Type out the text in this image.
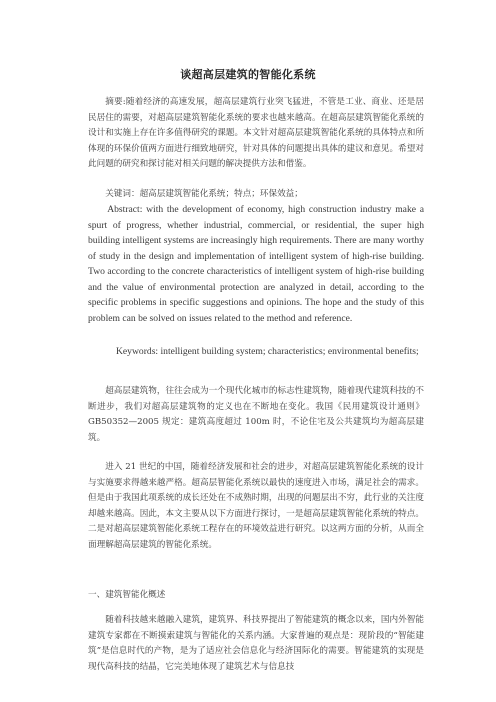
谈超高层建筑的智能化系统

摘要:随着经济的高速发展，超高层建筑行业突飞猛进，不管是工业、商业、还是居民居住的需要，对超高层建筑智能化系统的要求也越来越高。在超高层建筑智能化系统的设计和实施上存在许多值得研究的课题。本文针对超高层建筑智能化系统的具体特点和所体现的环保价值两方面进行细致地研究，针对具体的问题提出具体的建议和意见。希望对此问题的研究和探讨能对相关问题的解决提供方法和借鉴。

关键词：超高层建筑智能化系统；特点；环保效益；

Abstract: with the development of economy, high construction industry make a spurt of progress, whether industrial, commercial, or residential, the super high building intelligent systems are increasingly high requirements. There are many worthy of study in the design and implementation of intelligent system of high-rise building. Two according to the concrete characteristics of intelligent system of high-rise building and the value of environmental protection are analyzed in detail, according to the specific problems in specific suggestions and opinions. The hope and the study of this problem can be solved on issues related to the method and reference.

Keywords: intelligent building system; characteristics; environmental benefits;

超高层建筑物，往往会成为一个现代化城市的标志性建筑物，随着现代建筑科技的不断进步，我们对超高层建筑物的定义也在不断地在变化。我国《民用建筑设计通则》GB50352—2005 规定：建筑高度超过 100m 时，不论住宅及公共建筑均为超高层建筑。

进入 21 世纪的中国，随着经济发展和社会的进步，对超高层建筑智能化系统的设计与实施要求得越来越严格。超高层智能化系统以最快的速度进入市场，满足社会的需求。但是由于我国此项系统的成长还处在不成熟时期，出现的问题层出不穷，此行业的关注度却越来越高。因此，本文主要从以下方面进行探讨，一是超高层建筑智能化系统的特点。二是对超高层建筑智能化系统工程存在的环境效益进行研究。以这两方面的分析，从而全面理解超高层建筑的智能化系统。

一、建筑智能化概述

随着科技越来越融入建筑，建筑界、科技界提出了智能建筑的概念以来，国内外智能建筑专家都在不断摸索建筑与智能化的关系内涵。大家普遍的观点是：现阶段的“智能建筑”是信息时代的产物，是为了适应社会信息化与经济国际化的需要。智能建筑的实现是现代高科技的结晶，它完美地体现了建筑艺术与信息技
